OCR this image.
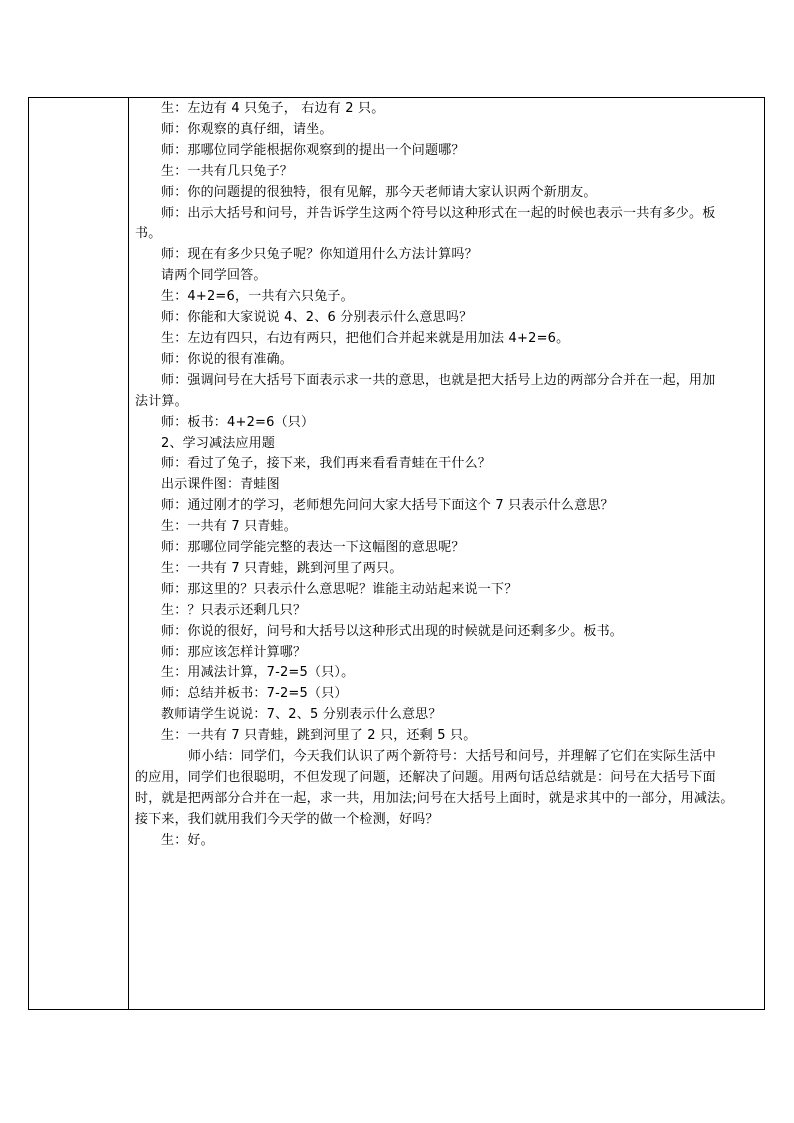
生：左边有 4 只兔子， 右边有 2 只。
师：你观察的真仔细，请坐。
师：那哪位同学能根据你观察到的提出一个问题哪？
生：一共有几只兔子？
师：你的问题提的很独特，很有见解，那今天老师请大家认识两个新朋友。
师：出示大括号和问号，并告诉学生这两个符号以这种形式在一起的时候也表示一共有多少。板
书。
师：现在有多少只兔子呢？你知道用什么方法计算吗？
请两个同学回答。
生：4+2=6，一共有六只兔子。
师：你能和大家说说 4、2、6 分别表示什么意思吗？
生：左边有四只，右边有两只，把他们合并起来就是用加法 4+2=6。
师：你说的很有准确。
师：强调问号在大括号下面表示求一共的意思，也就是把大括号上边的两部分合并在一起，用加
法计算。
师：板书：4+2=6（只）
2、学习减法应用题
师：看过了兔子，接下来，我们再来看看青蛙在干什么？
出示课件图：青蛙图
师：通过刚才的学习，老师想先问问大家大括号下面这个 7 只表示什么意思？
生：一共有 7 只青蛙。
师：那哪位同学能完整的表达一下这幅图的意思呢？
生：一共有 7 只青蛙，跳到河里了两只。
师：那这里的？只表示什么意思呢？谁能主动站起来说一下？
生：？只表示还剩几只？
师：你说的很好，问号和大括号以这种形式出现的时候就是问还剩多少。板书。
师：那应该怎样计算哪？
生：用减法计算，7-2=5（只）。
师：总结并板书：7-2=5（只）
教师请学生说说：7、2、5 分别表示什么意思？
生：一共有 7 只青蛙，跳到河里了 2 只，还剩 5 只。
师小结：同学们，今天我们认识了两个新符号：大括号和问号，并理解了它们在实际生活中
的应用，同学们也很聪明，不但发现了问题，还解决了问题。用两句话总结就是：问号在大括号下面
时，就是把两部分合并在一起，求一共，用加法;问号在大括号上面时，就是求其中的一部分，用减法。
接下来，我们就用我们今天学的做一个检测，好吗？
生：好。
